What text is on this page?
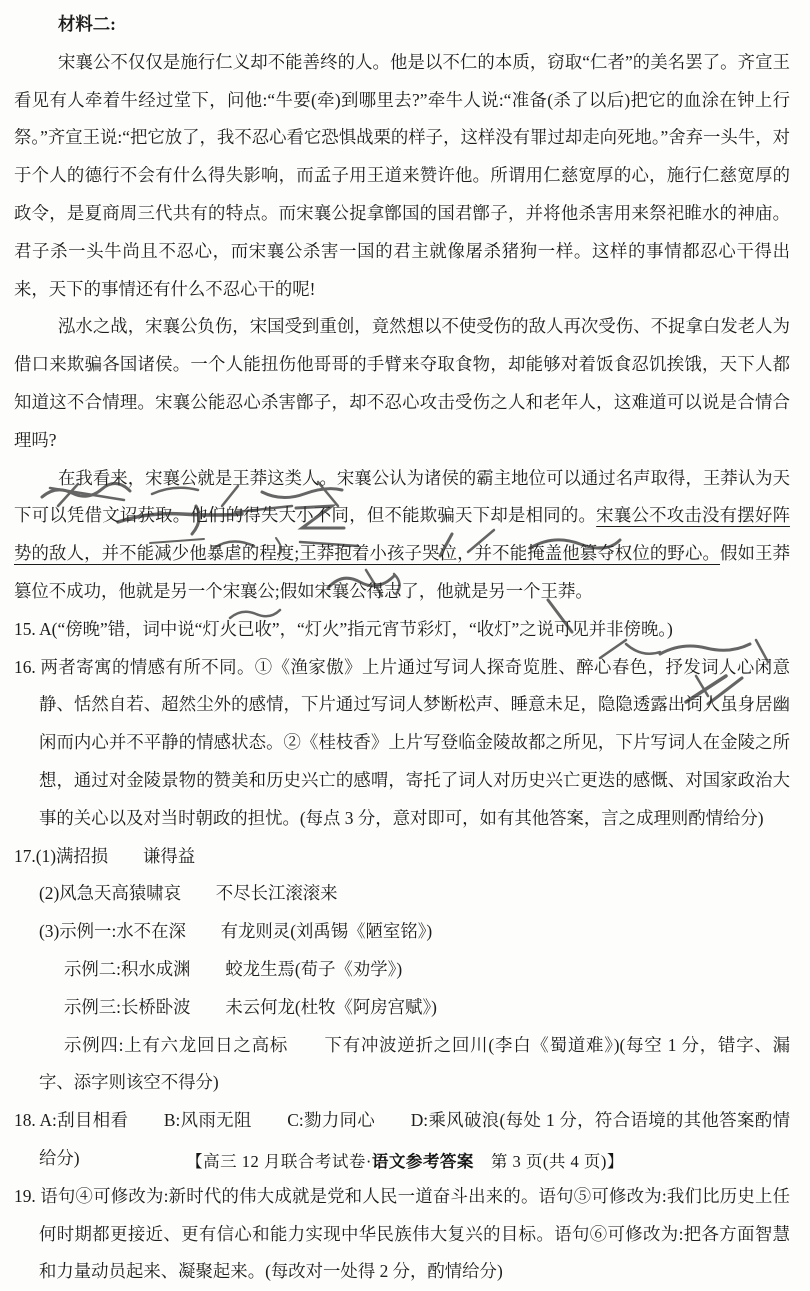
材料二:

宋襄公不仅仅是施行仁义却不能善终的人。他是以不仁的本质，窃取“仁者”的美名罢了。齐宣王看见有人牵着牛经过堂下，问他:“牛要(牵)到哪里去?”牵牛人说:“准备(杀了以后)把它的血涂在钟上行祭。”齐宣王说:“把它放了，我不忍心看它恐惧战栗的样子，这样没有罪过却走向死地。”舍弃一头牛，对于个人的德行不会有什么得失影响，而孟子用王道来赞许他。所谓用仁慈宽厚的心，施行仁慈宽厚的政令，是夏商周三代共有的特点。而宋襄公捉拿鄫国的国君鄫子，并将他杀害用来祭祀睢水的神庙。君子杀一头牛尚且不忍心，而宋襄公杀害一国的君主就像屠杀猪狗一样。这样的事情都忍心干得出来，天下的事情还有什么不忍心干的呢!

泓水之战，宋襄公负伤，宋国受到重创，竟然想以不使受伤的敌人再次受伤、不捉拿白发老人为借口来欺骗各国诸侯。一个人能扭伤他哥哥的手臂来夺取食物，却能够对着饭食忍饥挨饿，天下人都知道这不合情理。宋襄公能忍心杀害鄫子，却不忍心攻击受伤之人和老年人，这难道可以说是合情合理吗?

在我看来，宋襄公就是王莽这类人。宋襄公认为诸侯的霸主地位可以通过名声取得，王莽认为天下可以凭借文诏获取。他们的得失大小不同，但不能欺骗天下却是相同的。宋襄公不攻击没有摆好阵势的敌人，并不能减少他暴虐的程度;王莽抱着小孩子哭泣，并不能掩盖他篡夺权位的野心。假如王莽篡位不成功，他就是另一个宋襄公;假如宋襄公得志了，他就是另一个王莽。

15. A(“傍晚”错，词中说“灯火已收”，“灯火”指元宵节彩灯，“收灯”之说可见并非傍晚。)

16. 两者寄寓的情感有所不同。①《渔家傲》上片通过写词人探奇览胜、醉心春色，抒发词人心闲意静、恬然自若、超然尘外的感情，下片通过写词人梦断松声、睡意未足，隐隐透露出词人虽身居幽闲而内心并不平静的情感状态。②《桂枝香》上片写登临金陵故都之所见，下片写词人在金陵之所想，通过对金陵景物的赞美和历史兴亡的感喟，寄托了词人对历史兴亡更迭的感慨、对国家政治大事的关心以及对当时朝政的担忧。(每点 3 分，意对即可，如有其他答案，言之成理则酌情给分)

17.(1)满招损　　谦得益

(2)风急天高猿啸哀　　不尽长江滚滚来

(3)示例一:水不在深　　有龙则灵(刘禹锡《陋室铭》)

示例二:积水成渊　　蛟龙生焉(荀子《劝学》)

示例三:长桥卧波　　未云何龙(杜牧《阿房宫赋》)

示例四:上有六龙回日之高标　　下有冲波逆折之回川(李白《蜀道难》)(每空 1 分，错字、漏字、添字则该空不得分)

18. A:刮目相看　　B:风雨无阻　　C:勠力同心　　D:乘风破浪(每处 1 分，符合语境的其他答案酌情给分)

19. 语句④可修改为:新时代的伟大成就是党和人民一道奋斗出来的。语句⑤可修改为:我们比历史上任何时期都更接近、更有信心和能力实现中华民族伟大复兴的目标。语句⑥可修改为:把各方面智慧和力量动员起来、凝聚起来。(每改对一处得 2 分，酌情给分)

【高三 12 月联合考试卷·语文参考答案　第 3 页(共 4 页)】
